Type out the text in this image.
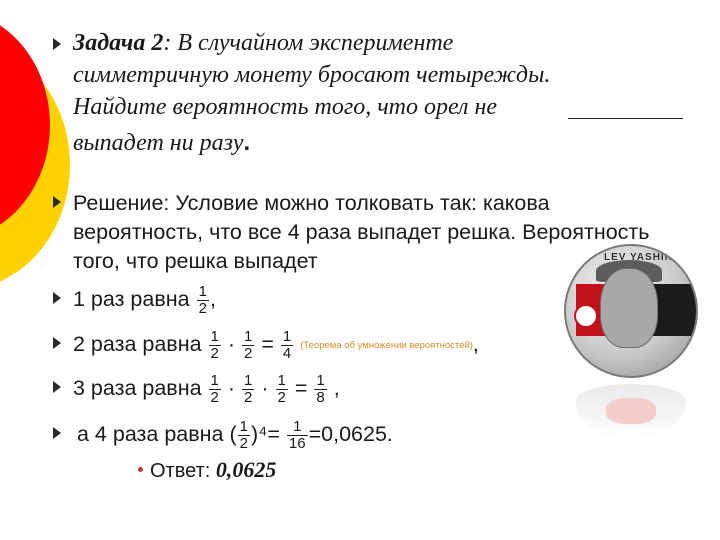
Задача 2: В случайном эксперименте
симметричную монету бросают четырежды.
Найдите вероятность того, что орел не
выпадет ни разу.
Решение: Условие можно толковать так: какова
вероятность, что все 4 раза выпадет решка. Вероятность
того, что решка выпадет
1 раз равна $\frac{1}{2}$ ,
2 раза равна $\frac{1}{2} \cdot \frac{1}{2} = \frac{1}{4}$ (Теорема об умножении вероятностей),
3 раза равна $\frac{1}{2} \cdot \frac{1}{2} \cdot \frac{1}{2} = \frac{1}{8}$ ,
а 4 раза равна ( $\frac{1}{2} )^4= \frac{1}{16} =0,0625$.
Ответ: 0,0625
LEV YASHIN
